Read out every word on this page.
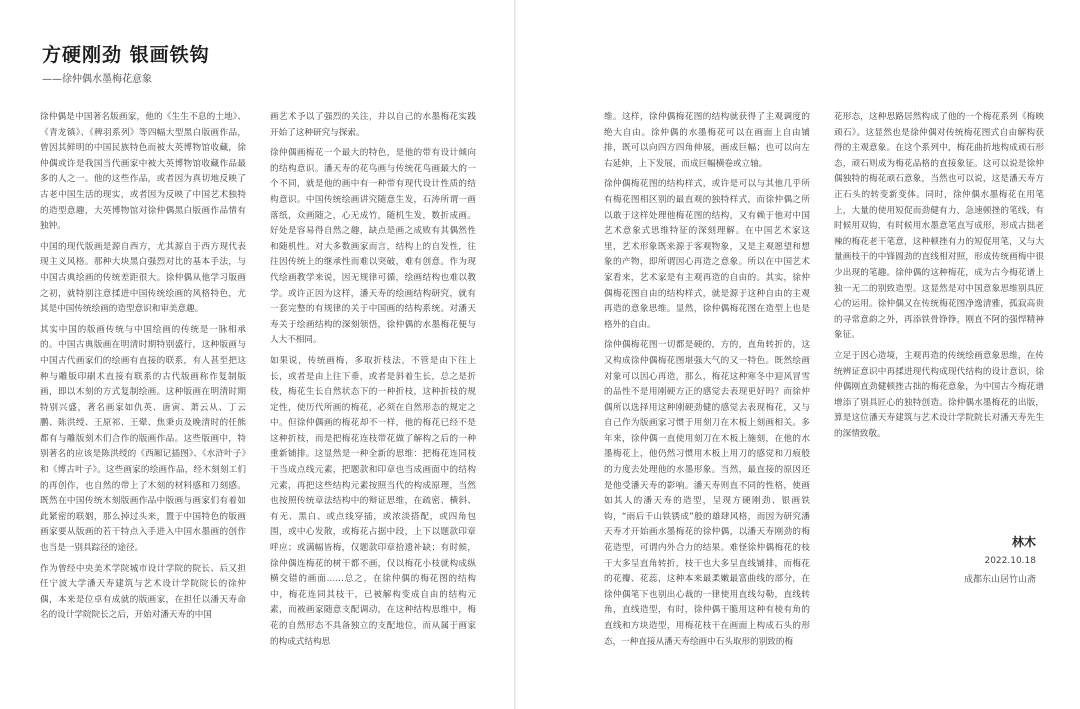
方硬刚劲 银画铁钩
——徐仲偶水墨梅花意象

徐仲偶是中国著名版画家，他的《生生不息的土地》、《青龙镇》、《稗羽系列》等四幅大型黑白版画作品，曾因其鲜明的中国民族特色而被大英博物馆收藏，徐仲偶或许是我国当代画家中被大英博物馆收藏作品最多的人之一。他的这些作品，或者因为真切地反映了古老中国生活的现实，或者因为反映了中国艺术独特的造型意趣，大英博物馆对徐仲偶黑白版画作品情有独钟。

中国的现代版画是源自西方，尤其源自于西方现代表现主义风格。那种大块黑白强烈对比的基本手法，与中国古典绘画的传统差距很大。徐仲偶从他学习版画之初，就特别注意揉进中国传统绘画的风格特色，尤其是中国传统绘画的造型意识和审美意趣。

其实中国的版画传统与中国绘画的传统是一脉相承的。中国古典版画在明清时期特别盛行，这种版画与中国古代画家们的绘画有直接的联系，有人甚至把这种与雕版印刷术直接有联系的古代版画称作复制版画，即以木刻的方式复制绘画。这种版画在明清时期特别兴盛，著名画家如仇英、唐寅、萧云从、丁云鹏、陈洪绶、王原祁、王翚、焦秉贞及晚清时的任熊都有与雕版刻木们合作的版画作品。这些版画中，特别著名的应该是陈洪绶的《西厢记插图》、《水浒叶子》和《博古叶子》。这些画家的绘画作品，经木刻刻工们的再创作，也自然的带上了木刻的材料感和刀刻感。既然在中国传统木刻版画作品中版画与画家们有着如此紧密的联姻，那么掉过头来，置于中国特色的版画画家要从版画的若干特点入手进入中国水墨画的创作也当是一别具踪径的途径。

作为曾经中央美术学院城市设计学院的院长、后又担任宁波大学潘天寿建筑与艺术设计学院院长的徐仲偶，本来是位卓有成就的版画家，在担任以潘天寿命名的设计学院院长之后，开始对潘天寿的中国

画艺术予以了强烈的关注，并以自己的水墨梅花实践开始了这种研究与探索。

徐仲偶画梅花一个最大的特色，是他的带有设计倾向的结构意识。潘天寿的花鸟画与传统花鸟画最大的一个不同，就是他的画中有一种带有现代设计性质的结构意识。中国传统绘画讲究随意生发，石涛所谓一画落纸，众画随之，心无成竹，随机生发，数折成画。好处是容易得自然之趣，缺点是画之成败有其偶然性和随机性。对大多数画家而言，结构上的自发性，往往因传统上的继承性而难以突破，难有创意。作为现代绘画教学来说，因无规律可循，绘画结构也难以教学。或许正因为这样，潘天寿的绘画结构研究，就有一套完整的有规律的关于中国画的结构系统。对潘天寿关于绘画结构的深刻领悟，徐仲偶的水墨梅花便与人大不相同。

如果说，传统画梅，多取折枝法，不管是由下往上长，或者是由上往下垂，或者是斜着生长，总之是折枝，梅花生长自然状态下的一种折枝，这种折枝的规定性，使历代所画的梅花，必须在自然形态的规定之中。但徐仲偶画的梅花却不一样，他的梅花已经不是这种折枝，而是把梅花连枝带花做了解构之后的一种重新铺排。这显然是一种全新的思维：把梅花连同枝干当成点线元素，把题款和印章也当成画面中的结构元素，再把这些结构元素按照当代的构成原理，当然也按照传统章法结构中的辩证思维，在疏密、横斜、有无、黑白、或点线穿插，或浓淡搭配，或四角包围，或中心发散，或梅花占据中段，上下以题款印章呼应；或满幅皆梅，仅题款印章拾遗补缺；有时候，徐仲偶连梅花的树干都不画，仅以梅花小枝就构成纵横交错的画面……总之，在徐仲偶的梅花图的结构中，梅花连同其枝干，已被解构变成自由的结构元素，而被画家随意支配调动，在这种结构思维中，梅花的自然形态不具备独立的支配地位，而从属于画家的构成式结构思

维。这样，徐仲偶梅花图的结构就获得了主观调度的绝大自由。徐仲偶的水墨梅花可以在画面上自由铺排，既可以向四方四角伸展，画成巨幅；也可以向左右延伸，上下发展，而成巨幅横卷或立轴。

徐仲偶梅花图的结构样式，或许是可以与其他几乎所有梅花图相区别的最直观的独特样式，而徐仲偶之所以敢于这样处理他梅花图的结构，又有赖于他对中国艺术意象式思维特征的深刻理解。在中国艺术家这里，艺术形象既来源于客观物象，又是主观愿望和想象的产物，即所谓因心再造之意象。所以在中国艺术家看来，艺术家是有主观再造的自由的。其实，徐仲偶梅花图自由的结构样式，就是源于这种自由的主观再造的意象思维。显然，徐仲偶梅花图在造型上也是格外的自由。

徐仲偶梅花图一切都是硬的，方的，直角转折的，这又构成徐仲偶梅花图堪强大气的又一特色。既然绘画对象可以因心再造，那么，梅花这种寒冬中迎风冒雪的品性不是用刚硬方正的感觉去表现更好吗？而徐仲偶所以选择用这种刚硬劲健的感觉去表现梅花，又与自己作为版画家习惯于用刻刀在木板上刻画相关。多年来，徐仲偶一直使用刻刀在木板上施刻，在他的水墨梅花上，他仍然习惯用木板上用刀的感觉和刀痕般的力度去处理他的水墨形象。当然，最直接的原因还是他受潘天寿的影响。潘天寿则直不同的性格，使画如其人的潘天寿的造型，呈现方硬刚劲、银画铁钩，“雨后千山铁锈成”般的雄肆风格，而因为研究潘天寿才开始画水墨梅花的徐仲偶，以潘天寿刚劲的梅花造型，可谓内外合力的结果。难怪徐仲偶梅花的枝干大多呈直角转折，枝干也大多呈直线铺排，而梅花的花瓣、花蕊，这种本来最柔嫩最富曲线的部分，在徐仲偶笔下也别出心裁的一律使用直线勾勒，直线转角，直线造型，有时，徐仲偶干脆用这种有棱有角的直线和方块造型，用梅花枝干在画面上构成石头的形态，一种直接从潘天寿绘画中石头取形的别致的梅

花形态，这种思路居然构成了他的一个梅花系列《梅映顽石》。这显然也是徐仲偶对传统梅花图式自由解构获得的主观意象。在这个系列中，梅花曲折地构成顽石形态，顽石则成为梅花品格的直接象征。这可以说是徐仲偶独特的梅花顽石意象，当然也可以说，这是潘天寿方正石头的转变新变体。同时，徐仲偶水墨梅花在用笔上，大量的使用短促而劲健有力，急速顿挫的笔线，有时候用双钩，有时候用水墨意笔直写成形，形成古拙老辣的梅花老干笔意，这种顿挫有力的短促用笔，又与大量画枝干的中锋圆劲的直线相对照，形成传统画梅中很少出现的笔趣。徐仲偶的这种梅花，成为古今梅花谱上独一无二的别致造型。这显然是对中国意象思维别具匠心的运用。徐仲偶又在传统梅花图净逸清雅，孤寂高贵的寻常意韵之外，再添铁骨铮铮，刚直不阿的强悍精神象征。

立足于因心造境，主观再造的传统绘画意象思维，在传统辨证意识中再揉进现代构成现代结构的设计意识，徐仲偶刚直劲健顿挫古拙的梅花意象，为中国古今梅花谱增添了别具匠心的独特创造。徐仲偶水墨梅花的出版，算是这位潘天寿建筑与艺术设计学院院长对潘天寿先生的深情致敬。

林木
2022.10.18
成都东山居竹山斋
